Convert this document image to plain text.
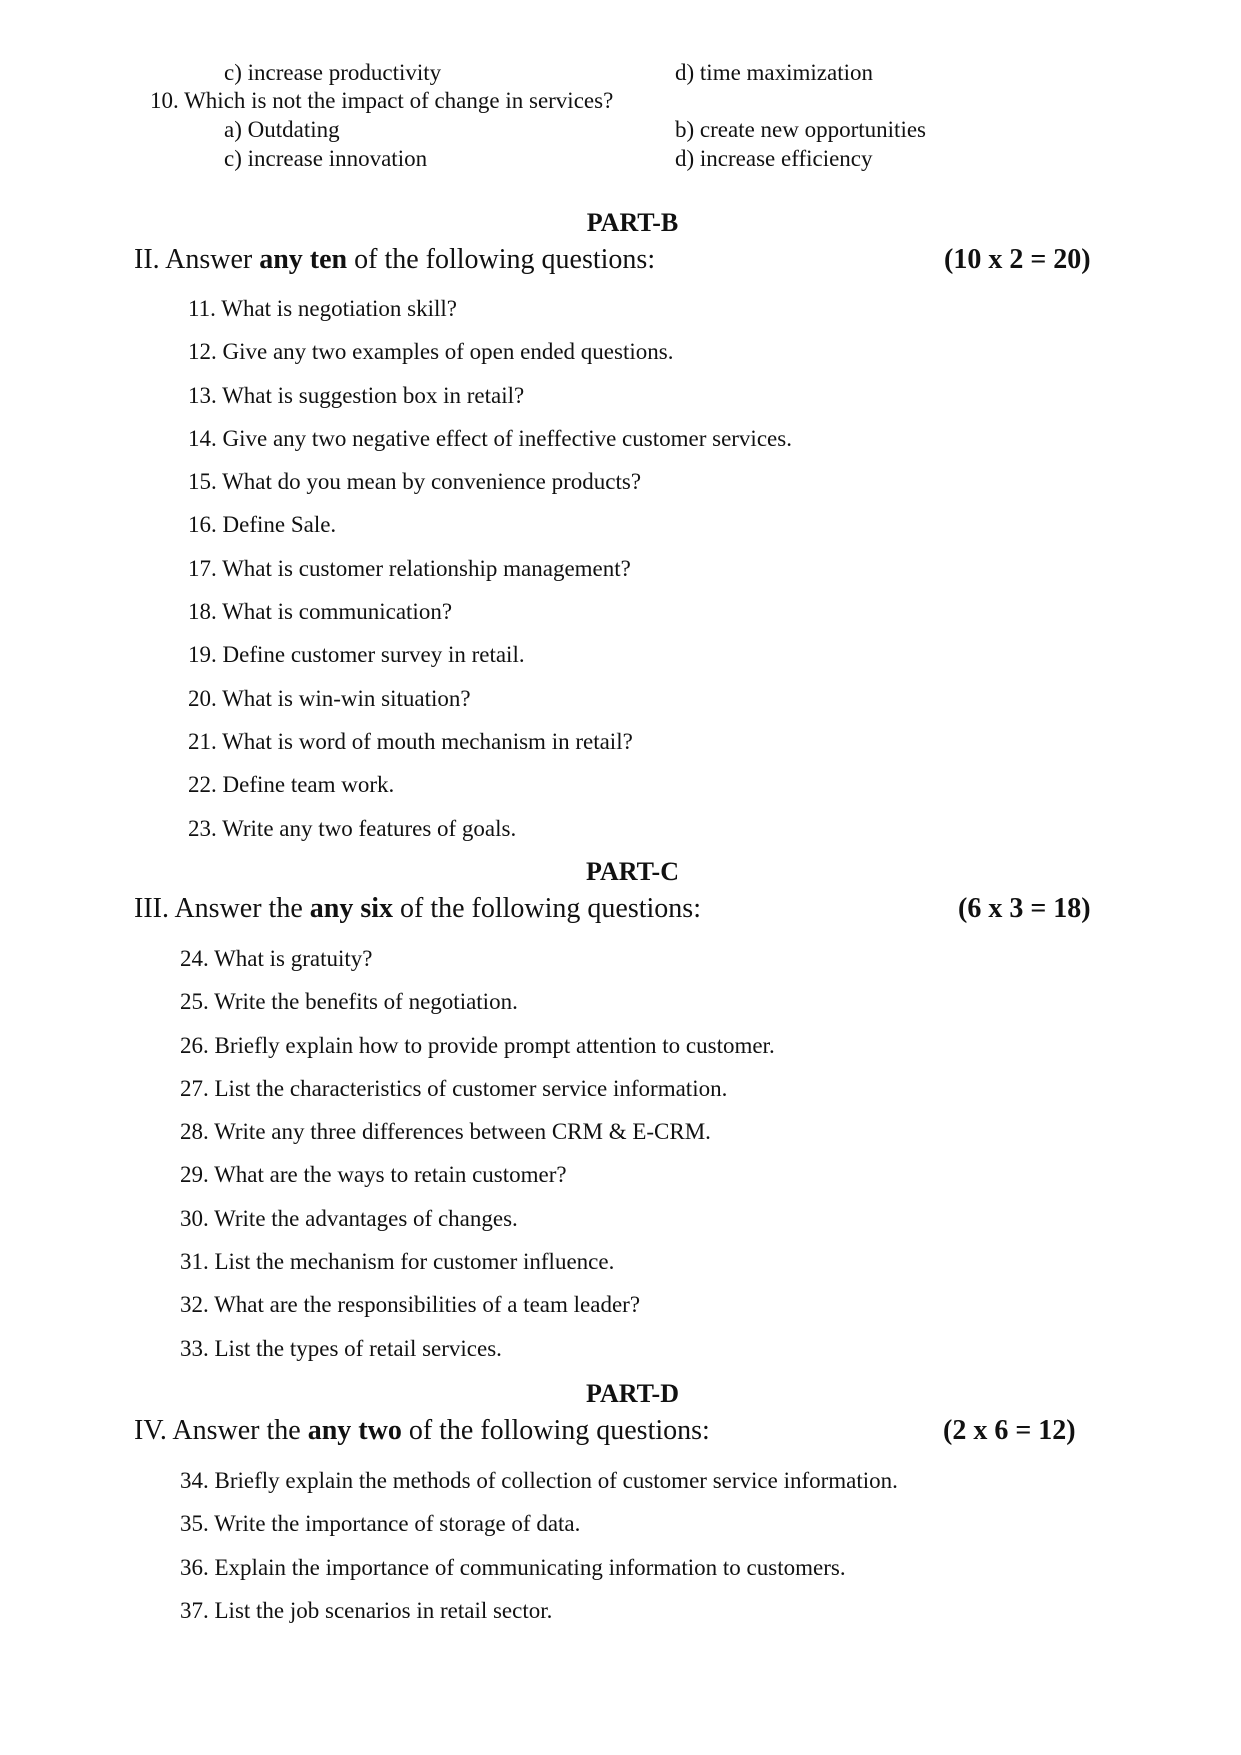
c) increase productivity	d) time maximization
10. Which is not the impact of change in services?
a) Outdating	b) create new opportunities
c) increase innovation	d) increase efficiency
PART-B
II. Answer any ten of the following questions:	(10 x 2 = 20)
11. What is negotiation skill?
12. Give any two examples of open ended questions.
13. What is suggestion box in retail?
14. Give any two negative effect of ineffective customer services.
15. What do you mean by convenience products?
16. Define Sale.
17. What is customer relationship management?
18. What is communication?
19. Define customer survey in retail.
20. What is win-win situation?
21. What is word of mouth mechanism in retail?
22. Define team work.
23. Write any two features of goals.
PART-C
III. Answer the any six of the following questions:	(6 x 3 = 18)
24. What is gratuity?
25. Write the benefits of negotiation.
26. Briefly explain how to provide prompt attention to customer.
27. List the characteristics of customer service information.
28. Write any three differences between CRM & E-CRM.
29. What are the ways to retain customer?
30. Write the advantages of changes.
31. List the mechanism for customer influence.
32. What are the responsibilities of a team leader?
33. List the types of retail services.
PART-D
IV. Answer the any two of the following questions:	(2 x 6 = 12)
34. Briefly explain the methods of collection of customer service information.
35. Write the importance of storage of data.
36. Explain the importance of communicating information to customers.
37. List the job scenarios in retail sector.
